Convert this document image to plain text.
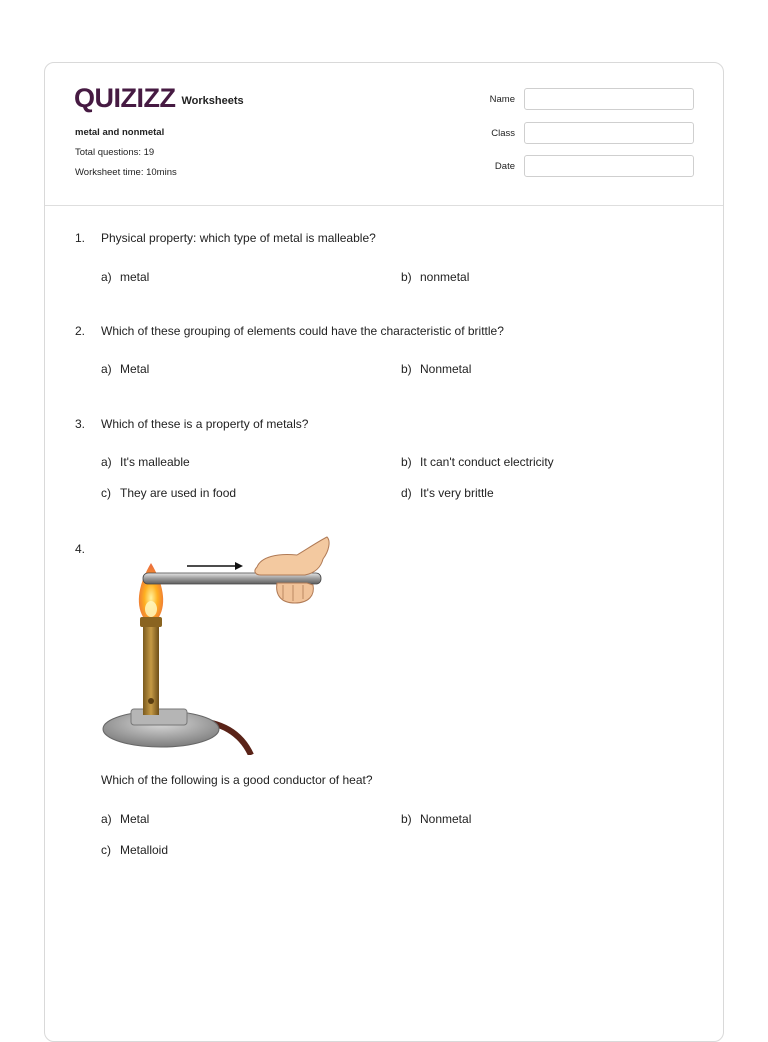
QUIZIZZ Worksheets
metal and nonmetal
Total questions: 19
Worksheet time: 10mins
Name
Class
Date
1. Physical property: which type of metal is malleable?
a) metal	b) nonmetal
2. Which of these grouping of elements could have the characteristic of brittle?
a) Metal	b) Nonmetal
3. Which of these is a property of metals?
a) It's malleable	b) It can't conduct electricity
c) They are used in food	d) It's very brittle
4.
Which of the following is a good conductor of heat?
a) Metal	b) Nonmetal
c) Metalloid
